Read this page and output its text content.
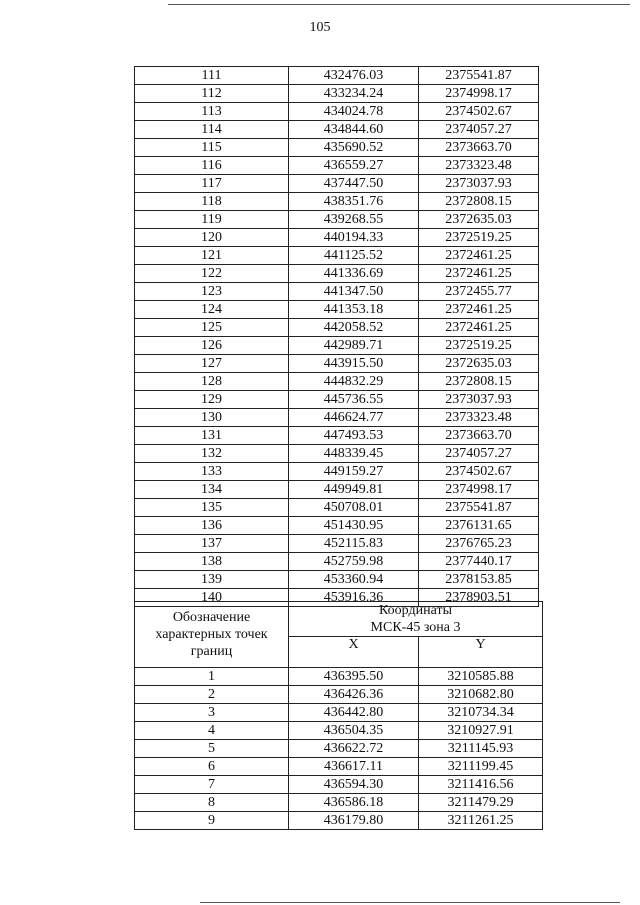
105
111	432476.03	2375541.87
112	433234.24	2374998.17
113	434024.78	2374502.67
114	434844.60	2374057.27
115	435690.52	2373663.70
116	436559.27	2373323.48
117	437447.50	2373037.93
118	438351.76	2372808.15
119	439268.55	2372635.03
120	440194.33	2372519.25
121	441125.52	2372461.25
122	441336.69	2372461.25
123	441347.50	2372455.77
124	441353.18	2372461.25
125	442058.52	2372461.25
126	442989.71	2372519.25
127	443915.50	2372635.03
128	444832.29	2372808.15
129	445736.55	2373037.93
130	446624.77	2373323.48
131	447493.53	2373663.70
132	448339.45	2374057.27
133	449159.27	2374502.67
134	449949.81	2374998.17
135	450708.01	2375541.87
136	451430.95	2376131.65
137	452115.83	2376765.23
138	452759.98	2377440.17
139	453360.94	2378153.85
140	453916.36	2378903.51
Обозначение характерных точек границ	Координаты
МСК-45 зона 3	

	X	Y
1	436395.50	3210585.88
2	436426.36	3210682.80
3	436442.80	3210734.34
4	436504.35	3210927.91
5	436622.72	3211145.93
6	436617.11	3211199.45
7	436594.30	3211416.56
8	436586.18	3211479.29
9	436179.80	3211261.25
